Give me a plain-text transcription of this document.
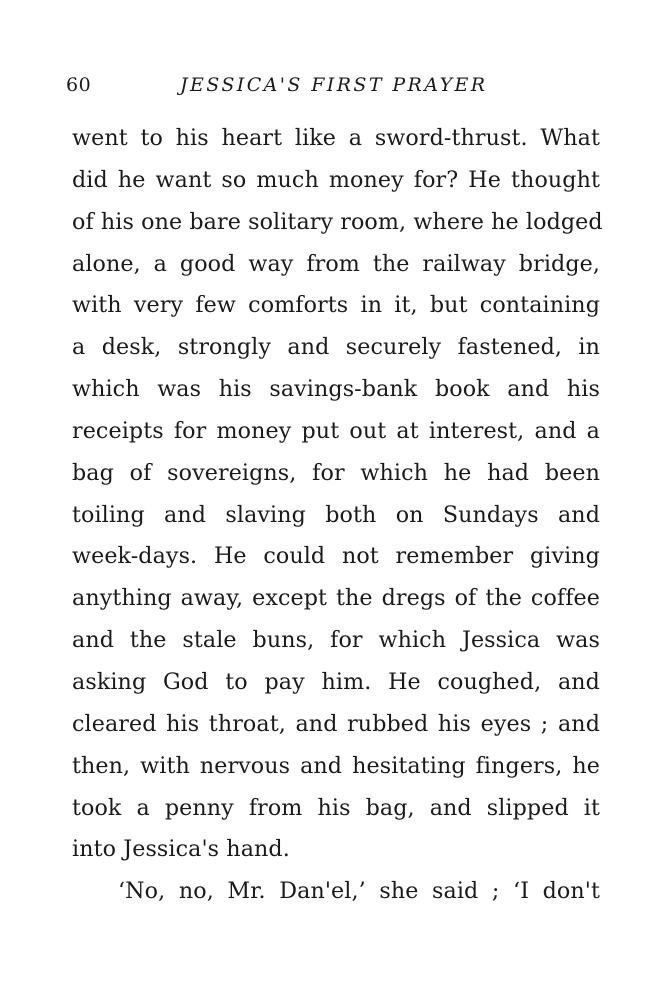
60	JESSICA'S FIRST PRAYER
went to his heart like a sword-thrust. What
did he want so much money for? He thought
of his one bare solitary room, where he lodged
alone, a good way from the railway bridge,
with very few comforts in it, but containing
a desk, strongly and securely fastened, in
which was his savings-bank book and his
receipts for money put out at interest, and a
bag of sovereigns, for which he had been
toiling and slaving both on Sundays and
week-days. He could not remember giving
anything away, except the dregs of the coffee
and the stale buns, for which Jessica was
asking God to pay him. He coughed, and
cleared his throat, and rubbed his eyes ; and
then, with nervous and hesitating fingers, he
took a penny from his bag, and slipped it
into Jessica's hand.
‘No, no, Mr. Dan'el,’ she said ; ‘I don't
